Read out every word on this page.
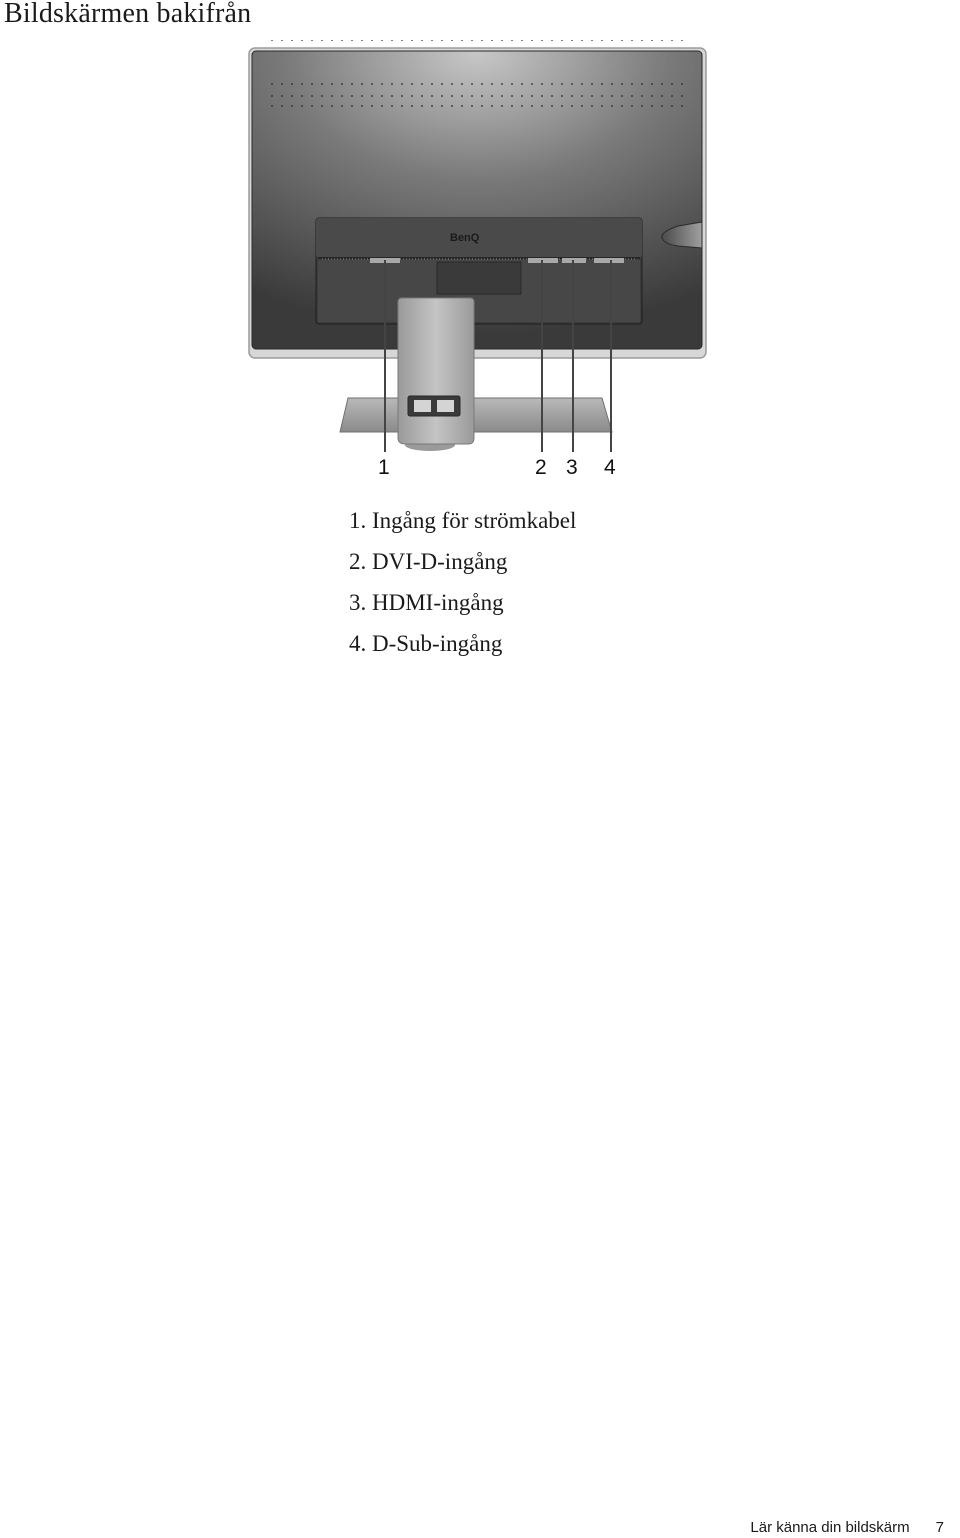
Bildskärmen bakifrån
BenQ
1	2 3 4
1. Ingång för strömkabel
2. DVI-D-ingång
3. HDMI-ingång
4. D-Sub-ingång
Lär känna din bildskärm 7
